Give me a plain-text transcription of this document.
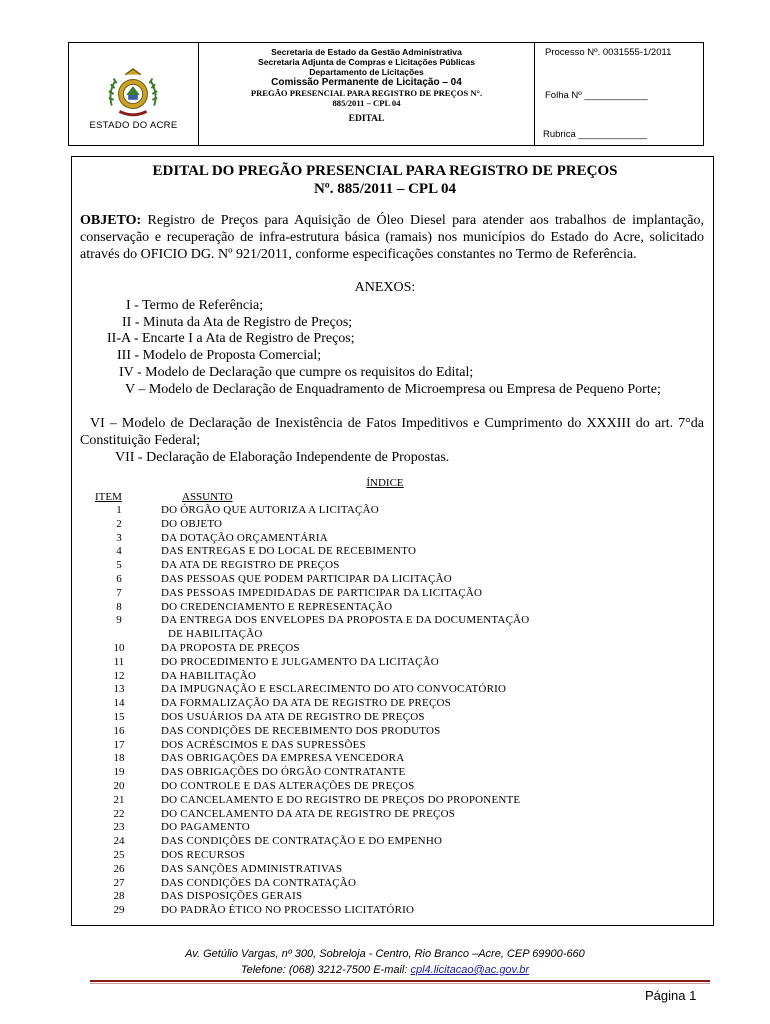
ESTADO DO ACRE
Secretaria de Estado da Gestão Administrativa
Secretaria Adjunta de Compras e Licitações Públicas
Departamento de Licitações
Comissão Permanente de Licitação – 04
PREGÃO PRESENCIAL PARA REGISTRO DE PREÇOS N°.
885/2011 – CPL 04
EDITAL
Processo Nº. 0031555-1/2011
Folha Nº ____________
Rubrica _____________
EDITAL DO PREGÃO PRESENCIAL PARA REGISTRO DE PREÇOS
Nº. 885/2011 – CPL 04
OBJETO: Registro de Preços para Aquisição de Óleo Diesel para atender aos trabalhos de implantação, conservação e recuperação de infra-estrutura básica (ramais) nos municípios do Estado do Acre, solicitado através do OFICIO DG. Nº 921/2011, conforme especificações constantes no Termo de Referência.
ANEXOS:
I - Termo de Referência;
II - Minuta da Ata de Registro de Preços;
II-A - Encarte I a Ata de Registro de Preços;
III - Modelo de Proposta Comercial;
IV - Modelo de Declaração que cumpre os requisitos do Edital;
V – Modelo de Declaração de Enquadramento de Microempresa ou Empresa de Pequeno Porte;
VI – Modelo de Declaração de Inexistência de Fatos Impeditivos e Cumprimento do XXXIII do art. 7°da Constituição Federal;
VII - Declaração de Elaboração Independente de Propostas.
ÍNDICE
ITEM	ASSUNTO
1	DO ÓRGÃO QUE AUTORIZA A LICITAÇÃO
2	DO OBJETO
3	DA DOTAÇÃO ORÇAMENTÁRIA
4	DAS ENTREGAS E DO LOCAL DE RECEBIMENTO
5	DA ATA DE REGISTRO DE PREÇOS
6	DAS PESSOAS QUE PODEM PARTICIPAR DA LICITAÇÃO
7	DAS PESSOAS IMPEDIDADAS DE PARTICIPAR DA LICITAÇÃO
8	DO CREDENCIAMENTO E REPRESENTAÇÃO
9	DA ENTREGA DOS ENVELOPES DA PROPOSTA E DA DOCUMENTAÇÃO
DE HABILITAÇÃO
10	DA PROPOSTA DE PREÇOS
11	DO PROCEDIMENTO E JULGAMENTO DA LICITAÇÃO
12	DA HABILITAÇÃO
13	DA IMPUGNAÇÃO E ESCLARECIMENTO DO ATO CONVOCATÓRIO
14	DA FORMALIZAÇÃO DA ATA DE REGISTRO DE PREÇOS
15	DOS USUÁRIOS DA ATA DE REGISTRO DE PREÇOS
16	DAS CONDIÇÕES DE RECEBIMENTO DOS PRODUTOS
17	DOS ACRÉSCIMOS E DAS SUPRESSÕES
18	DAS OBRIGAÇÕES DA EMPRESA VENCEDORA
19	DAS OBRIGAÇÕES DO ÓRGÃO CONTRATANTE
20	DO CONTROLE E DAS ALTERAÇÕES DE PREÇOS
21	DO CANCELAMENTO E DO REGISTRO DE PREÇOS DO PROPONENTE
22	DO CANCELAMENTO DA ATA DE REGISTRO DE PREÇOS
23	DO PAGAMENTO
24	DAS CONDIÇÕES DE CONTRATAÇÃO E DO EMPENHO
25	DOS RECURSOS
26	DAS SANÇÕES ADMINISTRATIVAS
27	DAS CONDIÇÕES DA CONTRATAÇÃO
28	DAS DISPOSIÇÕES GERAIS
29	DO PADRÃO ÉTICO NO PROCESSO LICITATÓRIO
Av. Getúlio Vargas, nº 300, Sobreloja - Centro, Rio Branco –Acre, CEP 69900-660
Telefone: (068) 3212-7500 E-mail: cpl4.licitacao@ac.gov.br
Página 1
